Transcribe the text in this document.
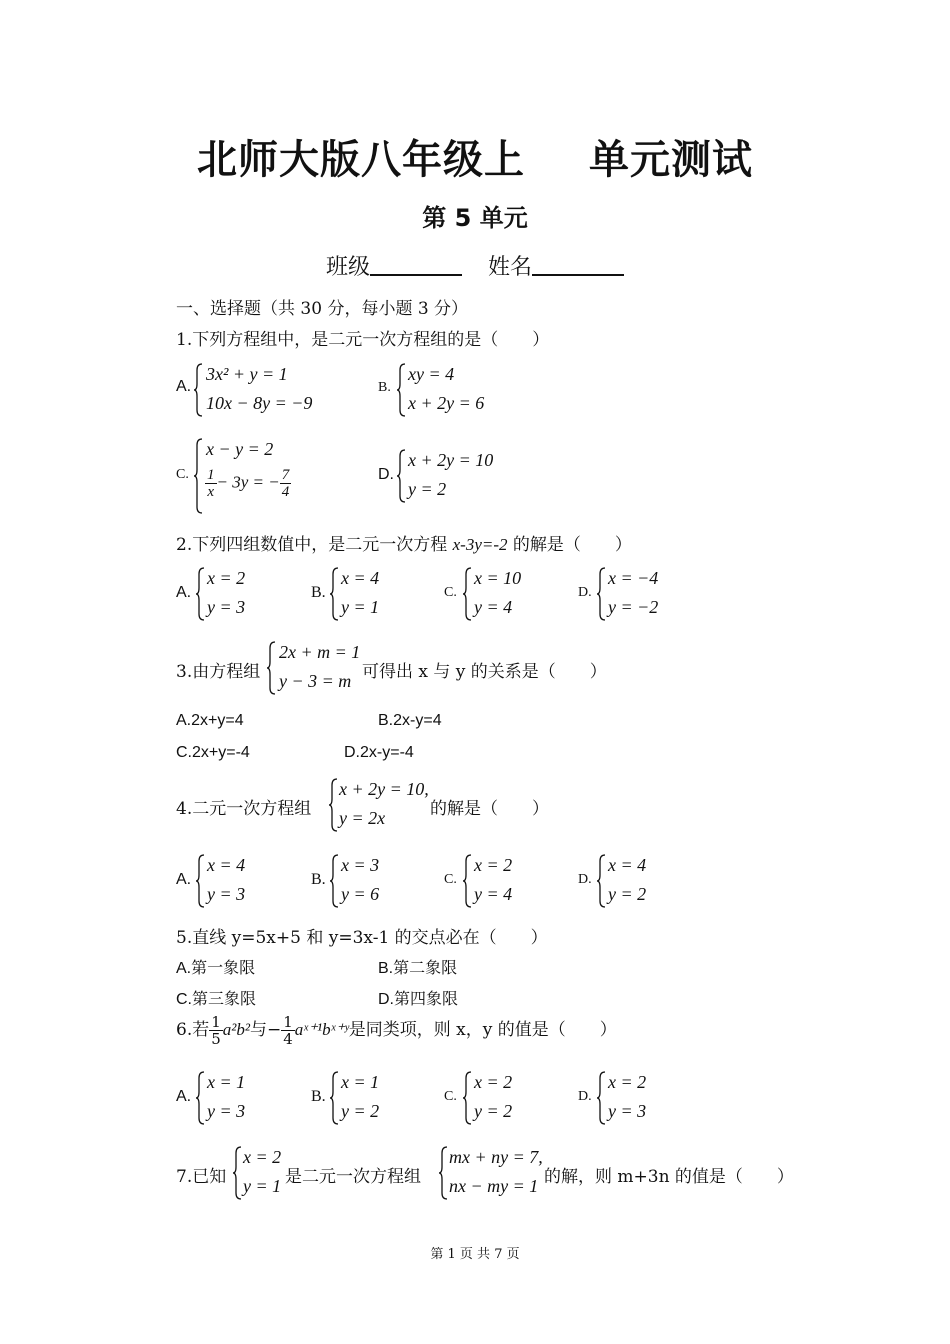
北师大版八年级上 单元测试
第 5 单元
班级	姓名
一、选择题（共 30 分，每小题 3 分）
1.下列方程组中，是二元一次方程组的是（　　）
A.
3x² + y = 1
10x − 8y = −9
B.
xy = 4
x + 2y = 6
C.
x − y = 2
$\frac{1}{x} - 3y$ = − $\frac{7}{4}$	D.
x + 2y = 10
y = 2
2.下列四组数值中，是二元一次方程 x-3y=-2 的解是（　　）
A.
x = 2
y = 3
B.
x = 4
y = 1
C.
x = 10
y = 4
D.
x = −4
y = −2
3.由方程组
2x + m = 1
y − 3 = m 可得出 x 与 y 的关系是（　　）
A.2x+y=4	B.2x-y=4
C.2x+y=-4	D.2x-y=-4
4.二元一次方程组
x + 2y = 10,
y = 2x	的解是（　　）
A.
x = 4
y = 3
B.
x = 3
y = 6
C.
x = 2
y = 4
D.
x = 4
y = 2
5.直线 y=5x+5 和 y=3x-1 的交点必在（　　）
A.第一象限	B.第二象限
C.第三象限	D.第四象限
6.若 $\frac{1}{5} a^2b^2$与− $\frac{1}{4}$ aˣ⁺¹bˣ⁺ʸ是同类项，则 x，y 的值是（　　）
A.
x = 1
y = 3
B.
x = 1
y = 2
C.
x = 2
y = 2
D.
x = 2
y = 3
7.已知
x = 2
y = 1 是二元一次方程组
mx + ny = 7,
nx − my = 1 的解，则 m+3n 的值是（　　）
第 1 页 共 7 页
